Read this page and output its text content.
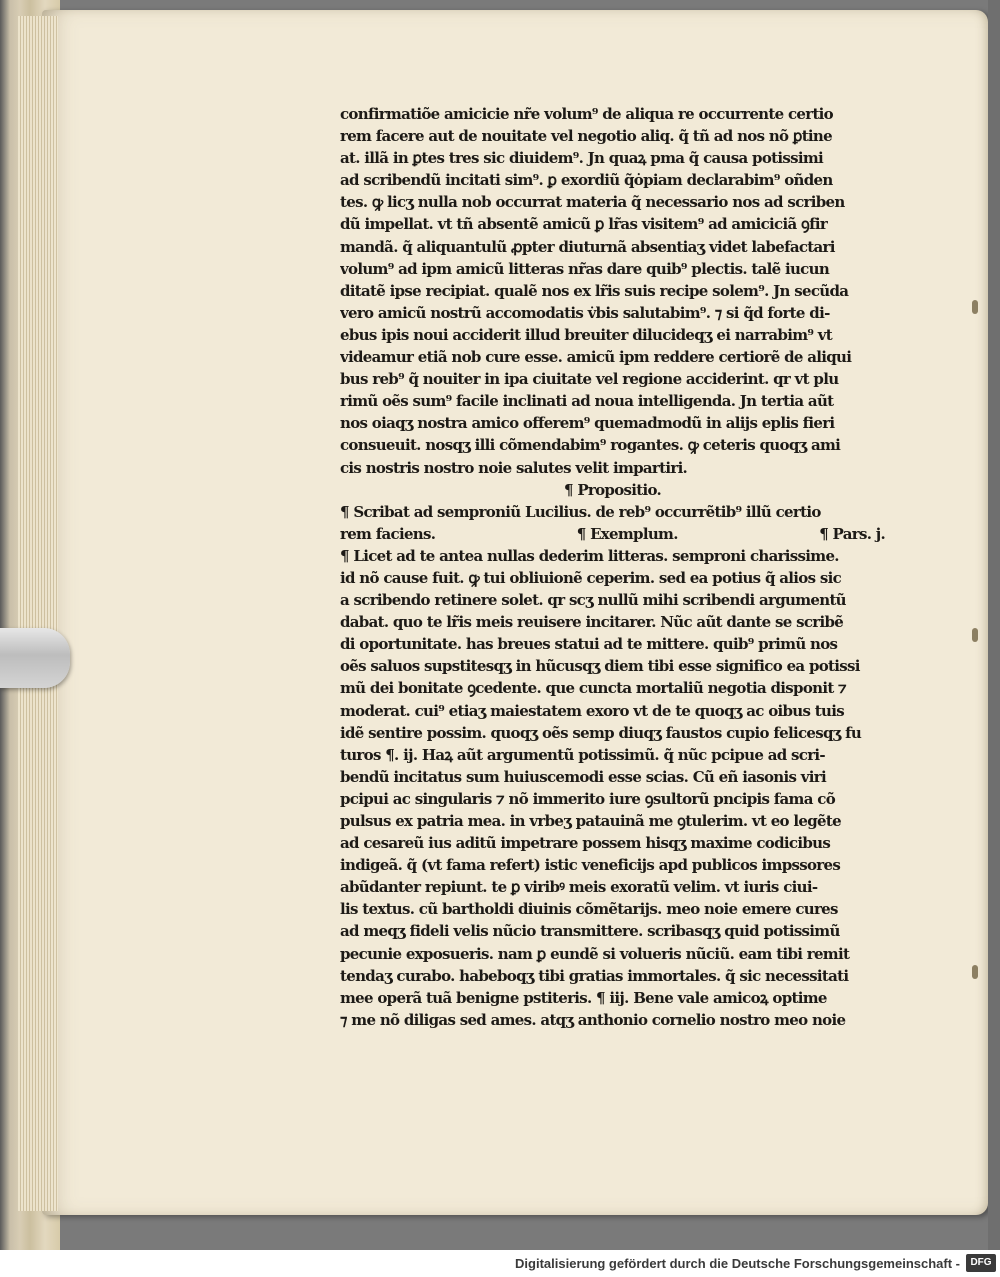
confirmatiõe amicicie nr̃e volum⁹ de aliqua re occurrente certio
rem facere aut de nouitate vel negotio aliq. q̃ tñ ad nos nõ ꝑtine
at. illã in ꝑtes tres sic diuidem⁹. Jn quaꝝ pma q̃ causa potissimi
ad scribendũ incitati sim⁹. ꝑ exordiũ q̃ȯpiam declarabim⁹ oñden
tes. ꝙ licʒ nulla nob occurrat materia q̃ necessario nos ad scriben
dũ impellat. vt tñ absentẽ amicũ ꝑ lr̃as visitem⁹ ad amiciciã ꝯfir
mandã. q̃ aliquantulũ ꝓpter diuturnã absentiaʒ videt labefactari
volum⁹ ad ipm amicũ litteras nr̃as dare quib⁹ plectis. talẽ iucun
ditatẽ ipse recipiat. qualẽ nos ex lr̃is suis recipe solem⁹. Jn secũda
vero amicũ nostrũ accomodatis v̇bis salutabim⁹. ⁊ si q̃d forte di-
ebus ipis noui acciderit illud breuiter dilucideqʒ ei narrabim⁹ vt
videamur etiã nob cure esse. amicũ ipm reddere certiorẽ de aliqui
bus reb⁹ q̃ nouiter in ipa ciuitate vel regione acciderint. qr vt plu
rimũ oẽs sum⁹ facile inclinati ad noua intelligenda. Jn tertia aũt
nos oiaqʒ nostra amico offerem⁹ quemadmodũ in alijs eplis fieri
consueuit. nosqʒ illi cõmendabim⁹ rogantes. ꝙ ceteris quoqʒ ami
cis nostris nostro noie salutes velit impartiri.
¶ Propositio.
¶ Scribat ad semproniũ Lucilius. de reb⁹ occurrẽtib⁹ illũ certio
rem faciens.	¶ Exemplum.	¶ Pars. j.
¶ Licet ad te antea nullas dederim litteras. semproni charissime.
id nõ cause fuit. ꝙ tui obliuionẽ ceperim. sed ea potius q̃ alios sic
a scribendo retinere solet. qr scʒ nullũ mihi scribendi argumentũ
dabat. quo te lr̃is meis reuisere incitarer. Nũc aũt dante se scribẽ
di oportunitate. has breues statui ad te mittere. quib⁹ primũ nos
oẽs saluos supstitesqʒ in hũcusqʒ diem tibi esse significo ea potissi
mũ dei bonitate ꝯcedente. que cuncta mortaliũ negotia disponit ⁊
moderat. cui⁹ etiaʒ maiestatem exoro vt de te quoqʒ ac oibus tuis
idẽ sentire possim. quoqʒ oẽs semp diuqʒ faustos cupio felicesqʒ fu
turos ¶. ij. Haꝝ aũt argumentũ potissimũ. q̃ nũc pcipue ad scri-
bendũ incitatus sum huiuscemodi esse scias. Cũ eñ iasonis viri
pcipui ac singularis ⁊ nõ immerito iure ꝯsultorũ pncipis fama cõ
pulsus ex patria mea. in vrbeʒ patauinã me ꝯtulerim. vt eo legẽte
ad cesareũ ius aditũ impetrare possem hisqʒ maxime codicibus
indigeã. q̃ (vt fama refert) istic veneficijs apd publicos impssores
abũdanter repiunt. te ꝑ viribꝰ meis exoratũ velim. vt iuris ciui-
lis textus. cũ bartholdi diuinis cõmẽtarijs. meo noie emere cures
ad meqʒ fideli velis nũcio transmittere. scribasqʒ quid potissimũ
pecunie exposueris. nam ꝑ eundẽ si volueris nũciũ. eam tibi remit
tendaʒ curabo. habeboqʒ tibi gratias immortales. q̃ sic necessitati
mee operã tuã benigne pstiteris. ¶ iij. Bene vale amicoꝝ optime
⁊ me nõ diligas sed ames. atqʒ anthonio cornelio nostro meo noie
Digitalisierung gefördert durch die Deutsche Forschungsgemeinschaft -	DFG
